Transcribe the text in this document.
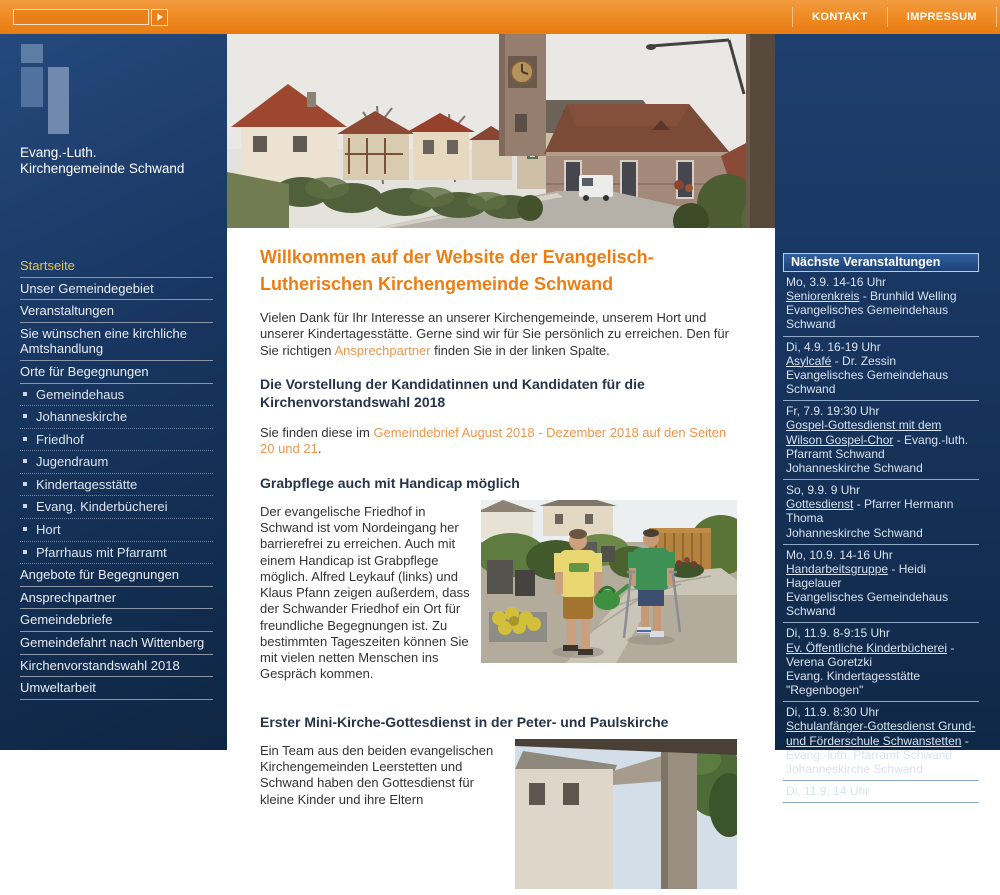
KONTAKT	IMPRESSUM
Evang.-Luth. Kirchengemeinde Schwand
Startseite
Unser Gemeindegebiet
Veranstaltungen
Sie wünschen eine kirchliche Amtshandlung
Orte für Begegnungen
Gemeindehaus
Johanneskirche
Friedhof
Jugendraum
Kindertagesstätte
Evang. Kinderbücherei
Hort
Pfarrhaus mit Pfarramt
Angebote für Begegnungen
Ansprechpartner
Gemeindebriefe
Gemeindefahrt nach Wittenberg
Kirchenvorstandswahl 2018
Umweltarbeit
Willkommen auf der Website der Evangelisch-Lutherischen Kirchengemeinde Schwand
Vielen Dank für Ihr Interesse an unserer Kirchengemeinde, unserem Hort und unserer Kindertagesstätte. Gerne sind wir für Sie persönlich zu erreichen. Den für Sie richtigen Ansprechpartner finden Sie in der linken Spalte.
Die Vorstellung der Kandidatinnen und Kandidaten für die Kirchenvorstandswahl 2018
Sie finden diese im Gemeindebrief August 2018 - Dezember 2018 auf den Seiten 20 und 21.
Grabpflege auch mit Handicap möglich
Der evangelische Friedhof in Schwand ist vom Nordeingang her barrierefrei zu erreichen. Auch mit einem Handicap ist Grabpflege möglich. Alfred Leykauf (links) und Klaus Pfann zeigen außerdem, dass der Schwander Friedhof ein Ort für freundliche Begegnungen ist. Zu bestimmten Tageszeiten können Sie mit vielen netten Menschen ins Gespräch kommen.
Erster Mini-Kirche-Gottesdienst in der Peter- und Paulskirche
Ein Team aus den beiden evangelischen Kirchengemeinden Leerstetten und Schwand haben den Gottesdienst für kleine Kinder und ihre Eltern
Nächste Veranstaltungen
Mo, 3.9. 14-16 Uhr
Seniorenkreis - Brunhild Welling
Evangelisches Gemeindehaus Schwand
Di, 4.9. 16-19 Uhr
Asylcafé - Dr. Zessin
Evangelisches Gemeindehaus Schwand
Fr, 7.9. 19:30 Uhr
Gospel-Gottesdienst mit dem Wilson Gospel-Chor - Evang.-luth. Pfarramt Schwand
Johanneskirche Schwand
So, 9.9. 9 Uhr
Gottesdienst - Pfarrer Hermann Thoma
Johanneskirche Schwand
Mo, 10.9. 14-16 Uhr
Handarbeitsgruppe - Heidi Hagelauer
Evangelisches Gemeindehaus Schwand
Di, 11.9. 8-9:15 Uhr
Ev. Öffentliche Kinderbücherei - Verena Goretzki
Evang. Kindertagesstätte "Regenbogen"
Di, 11.9. 8:30 Uhr
Schulanfänger-Gottesdienst Grund- und Förderschule Schwanstetten - Evang.-luth. Pfarramt Schwand
Johanneskirche Schwand
Di, 11.9. 14 Uhr
